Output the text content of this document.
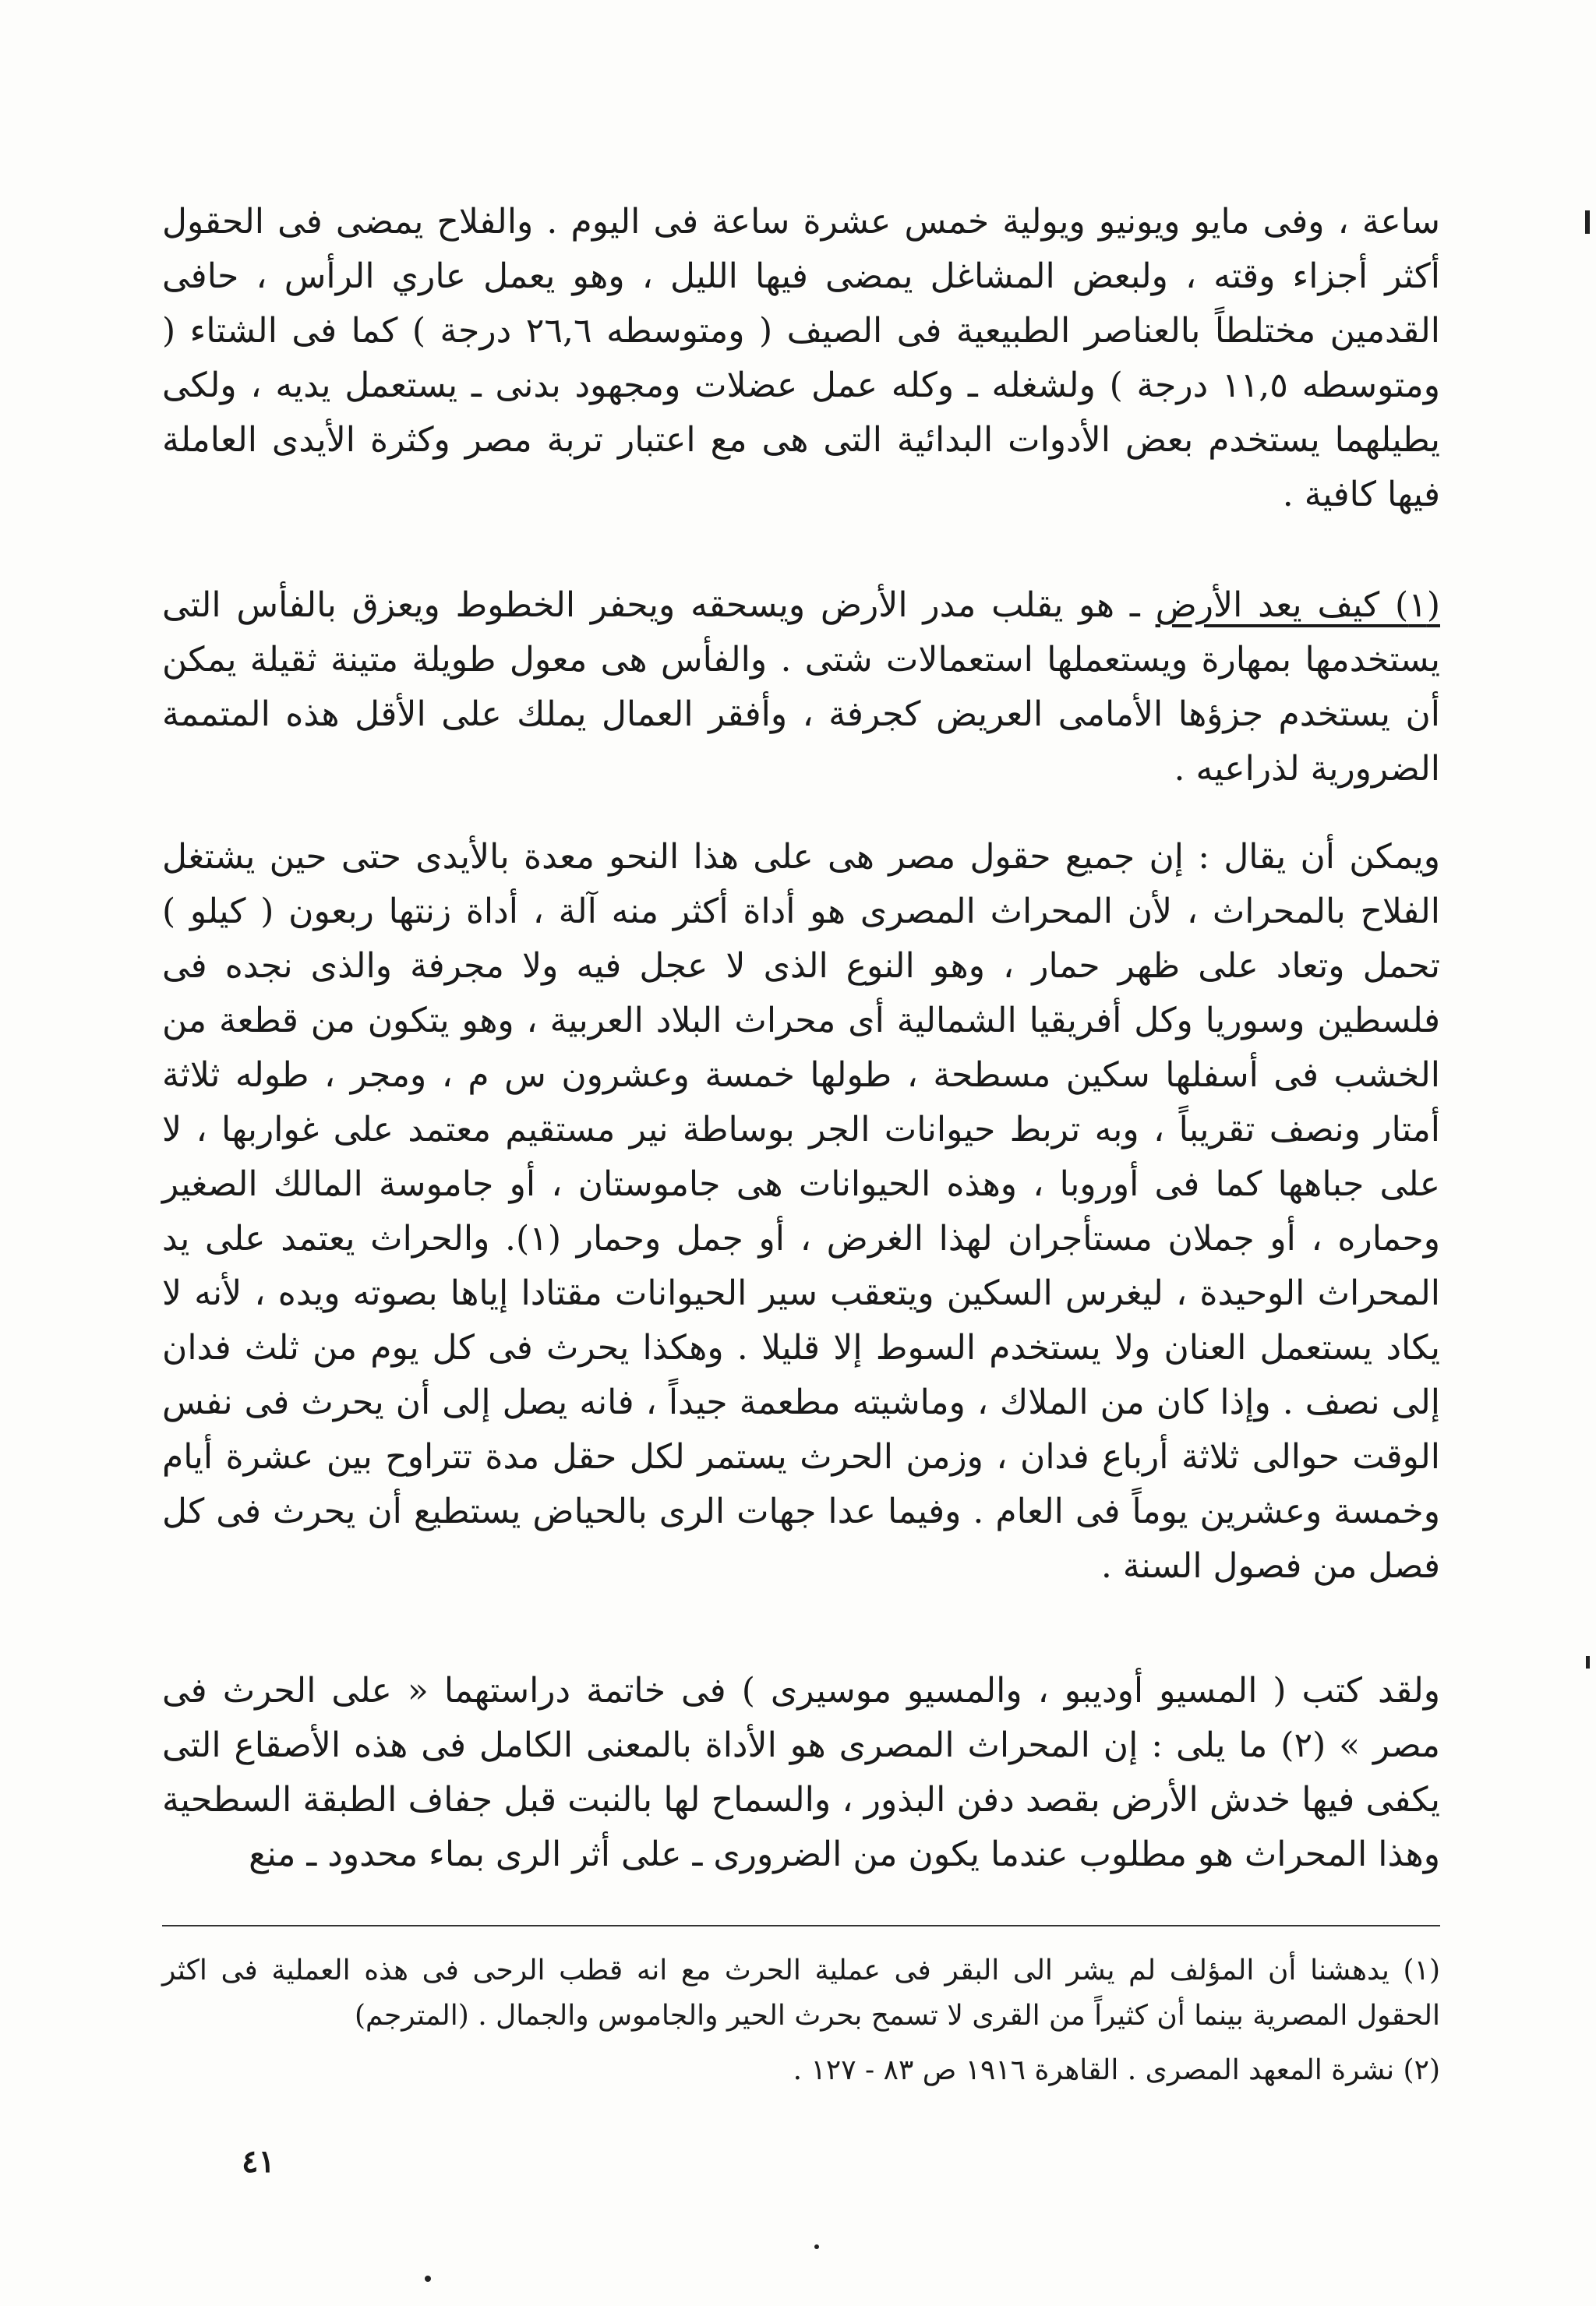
ساعة ، وفى مايو ويونيو ويولية خمس عشرة ساعة فى اليوم . والفلاح يمضى فى الحقول أكثر أجزاء وقته ، ولبعض المشاغل يمضى فيها الليل ، وهو يعمل عاري الرأس ، حافى القدمين مختلطاً بالعناصر الطبيعية فى الصيف ( ومتوسطه ٢٦,٦ درجة ) كما فى الشتاء ( ومتوسطه ١١,٥ درجة ) ولشغله ـ وكله عمل عضلات ومجهود بدنى ـ يستعمل يديه ، ولكى يطيلهما يستخدم بعض الأدوات البدائية التى هى مع اعتبار تربة مصر وكثرة الأيدى العاملة فيها كافية .

(١) كيف يعد الأرض ـ هو يقلب مدر الأرض ويسحقه ويحفر الخطوط ويعزق بالفأس التى يستخدمها بمهارة ويستعملها استعمالات شتى . والفأس هى معول طويلة متينة ثقيلة يمكن أن يستخدم جزؤها الأمامى العريض كجرفة ، وأفقر العمال يملك على الأقل هذه المتممة الضرورية لذراعيه .

ويمكن أن يقال : إن جميع حقول مصر هى على هذا النحو معدة بالأيدى حتى حين يشتغل الفلاح بالمحراث ، لأن المحراث المصرى هو أداة أكثر منه آلة ، أداة زنتها ربعون ( كيلو ) تحمل وتعاد على ظهر حمار ، وهو النوع الذى لا عجل فيه ولا مجرفة والذى نجده فى فلسطين وسوريا وكل أفريقيا الشمالية أى محراث البلاد العربية ، وهو يتكون من قطعة من الخشب فى أسفلها سكين مسطحة ، طولها خمسة وعشرون س م ، ومجر ، طوله ثلاثة أمتار ونصف تقريباً ، وبه تربط حيوانات الجر بوساطة نير مستقيم معتمد على غواربها ، لا على جباهها كما فى أوروبا ، وهذه الحيوانات هى جاموستان ، أو جاموسة المالك الصغير وحماره ، أو جملان مستأجران لهذا الغرض ، أو جمل وحمار (١). والحراث يعتمد على يد المحراث الوحيدة ، ليغرس السكين ويتعقب سير الحيوانات مقتادا إياها بصوته ويده ، لأنه لا يكاد يستعمل العنان ولا يستخدم السوط إلا قليلا . وهكذا يحرث فى كل يوم من ثلث فدان إلى نصف . وإذا كان من الملاك ، وماشيته مطعمة جيداً ، فانه يصل إلى أن يحرث فى نفس الوقت حوالى ثلاثة أرباع فدان ، وزمن الحرث يستمر لكل حقل مدة تتراوح بين عشرة أيام وخمسة وعشرين يوماً فى العام . وفيما عدا جهات الرى بالحياض يستطيع أن يحرث فى كل فصل من فصول السنة .

ولقد كتب ( المسيو أوديبو ، والمسيو موسيرى ) فى خاتمة دراستهما « على الحرث فى مصر » (٢) ما يلى : إن المحراث المصرى هو الأداة بالمعنى الكامل فى هذه الأصقاع التى يكفى فيها خدش الأرض بقصد دفن البذور ، والسماح لها بالنبت قبل جفاف الطبقة السطحية وهذا المحراث هو مطلوب عندما يكون من الضرورى ـ على أثر الرى بماء محدود ـ منع

(١) يدهشنا أن المؤلف لم يشر الى البقر فى عملية الحرث مع انه قطب الرحى فى هذه العملية فى اكثر الحقول المصرية بينما أن كثيراً من القرى لا تسمح بحرث الحير والجاموس والجمال . (المترجم)

(٢) نشرة المعهد المصرى . القاهرة ١٩١٦ ص ٨٣ - ١٢٧ .

٤١
